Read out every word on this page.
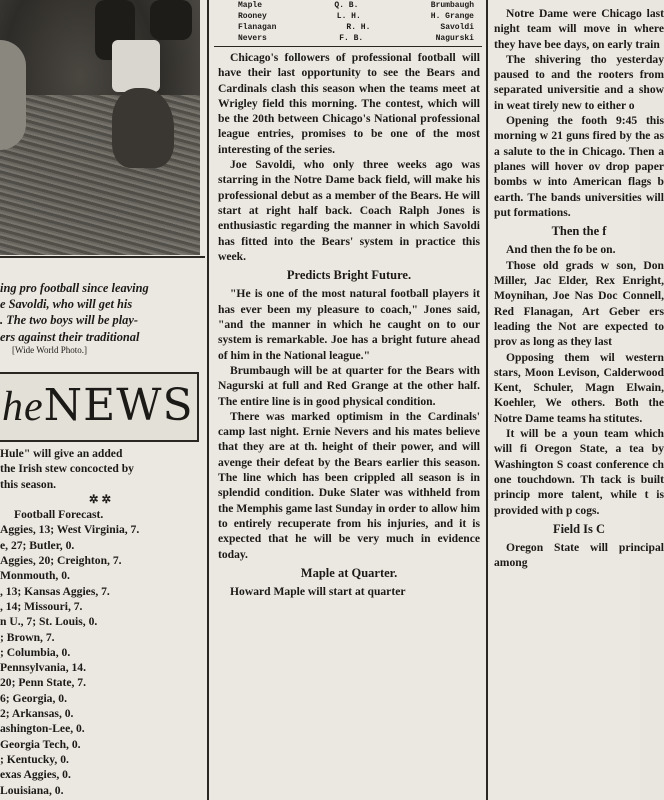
ing pro football since leaving
e Savoldi, who will get his
. The two boys will be play-
ers against their traditional
[Wide World Photo.]
heNEWS
Hule" will give an added
the Irish stew concocted by
this season.
✲ ✲
Football Forecast.
Aggies, 13; West Virginia, 7.
e, 27; Butler, 0.
Aggies, 20; Creighton, 7.
Monmouth, 0.
, 13; Kansas Aggies, 7.
, 14; Missouri, 7.
n U., 7; St. Louis, 0.
; Brown, 7.
; Columbia, 0.
Pennsylvania, 14.
20; Penn State, 7.
6; Georgia, 0.
2; Arkansas, 0.
ashington-Lee, 0.
Georgia Tech, 0.
; Kentucky, 0.
exas Aggies, 0.
Louisiana, 0.
Maple	Q. B.	Brumbaugh
Rooney	L. H.	H. Grange
Flanagan	R. H.	Savoldi
Nevers	F. B.	Nagurski

Chicago's followers of professional football will have their last opportunity to see the Bears and Cardinals clash this season when the teams meet at Wrigley field this morning. The contest, which will be the 20th between Chicago's National professional league entries, promises to be one of the most interesting of the series.

Joe Savoldi, who only three weeks ago was starring in the Notre Dame back field, will make his professional debut as a member of the Bears. He will start at right half back. Coach Ralph Jones is enthusiastic regarding the manner in which Savoldi has fitted into the Bears' system in practice this week.

Predicts Bright Future.

"He is one of the most natural football players it has ever been my pleasure to coach," Jones said, "and the manner in which he caught on to our system is remarkable. Joe has a bright future ahead of him in the National league."

Brumbaugh will be at quarter for the Bears with Nagurski at full and Red Grange at the other half. The entire line is in good physical condition.

There was marked optimism in the Cardinals' camp last night. Ernie Nevers and his mates believe that they are at th. height of their power, and will avenge their defeat by the Bears earlier this season. The line which has been crippled all season is in splendid condition. Duke Slater was withheld from the Memphis game last Sunday in order to allow him to entirely recuperate from his injuries, and it is expected that he will be very much in evidence today.

Maple at Quarter.

Howard Maple will start at quarter

Notre Dame were Chicago last night team will move in where they have bee days, on early train

The shivering tho yesterday paused to and the rooters from separated universitie and a show in weat tirely new to either o

Opening the footh 9:45 this morning w 21 guns fired by the as a salute to the in Chicago. Then a planes will hover ov drop paper bombs w into American flags b earth. The bands universities will put formations.

Then the f

And then the fo be on.

Those old grads w son, Don Miller, Jac Elder, Rex Enright, Moynihan, Joe Nas Doc Connell, Red Flanagan, Art Geber ers leading the Not are expected to prov as long as they last

Opposing them wil western stars, Moon Levison, Calderwood Kent, Schuler, Magn Elwain, Koehler, We others. Both the Notre Dame teams ha stitutes.

It will be a youn team which will fi Oregon State, a tea by Washington S coast conference ch one touchdown. Th tack is built princip more talent, while t is provided with p cogs.

Field Is C

Oregon State will principal among
